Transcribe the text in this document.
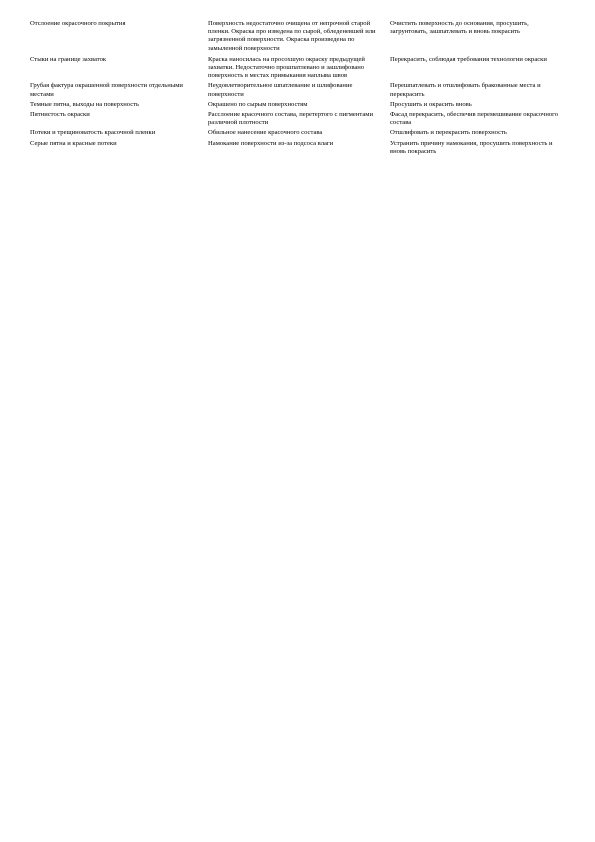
Отслоение окрасочного покрытия	Поверхность недостаточно очищена от непрочной старой пленки. Окраска про изведена по сырой, обледеневшей или загрязненной поверхности. Окраска произведена по замыленной поверхности	Очистить поверхность до основания, просушить, загрунтовать, зашпатлевать и вновь покрасить
Стыки на границе захваток	Краска наносилась на просохшую окраску предыдущей захватки. Недостаточно прошпатлевано и зашлифовано поверхность в местах примыкания наплыва швов	Перекрасить, соблюдая требования технологии окраски
Грубая фактура окрашенной поверхности отдельными местами	Неудовлетворительное шпатлевание и шлифование поверхности	Перешпатлевать и отшлифовать бракованные места и перекрасить
Темные пятна, выходы на поверхность	Окрашено по сырым поверхностям	Просушить и окрасить вновь
Пятнистость окраски	Расслоение красочного состава, перетертого с пигментами различной плотности	Фасад перекрасить, обеспечив перемешивание окрасочного состава
Потеки и трещиноватость красочной пленки	Обильное нанесение красочного состава	Отшлифовать и перекрасить поверхность
Серые пятна и красные потеки	Намокание поверхности из-за подсоса влаги	Устранить причину намокания, просушить поверхность и вновь покрасить
